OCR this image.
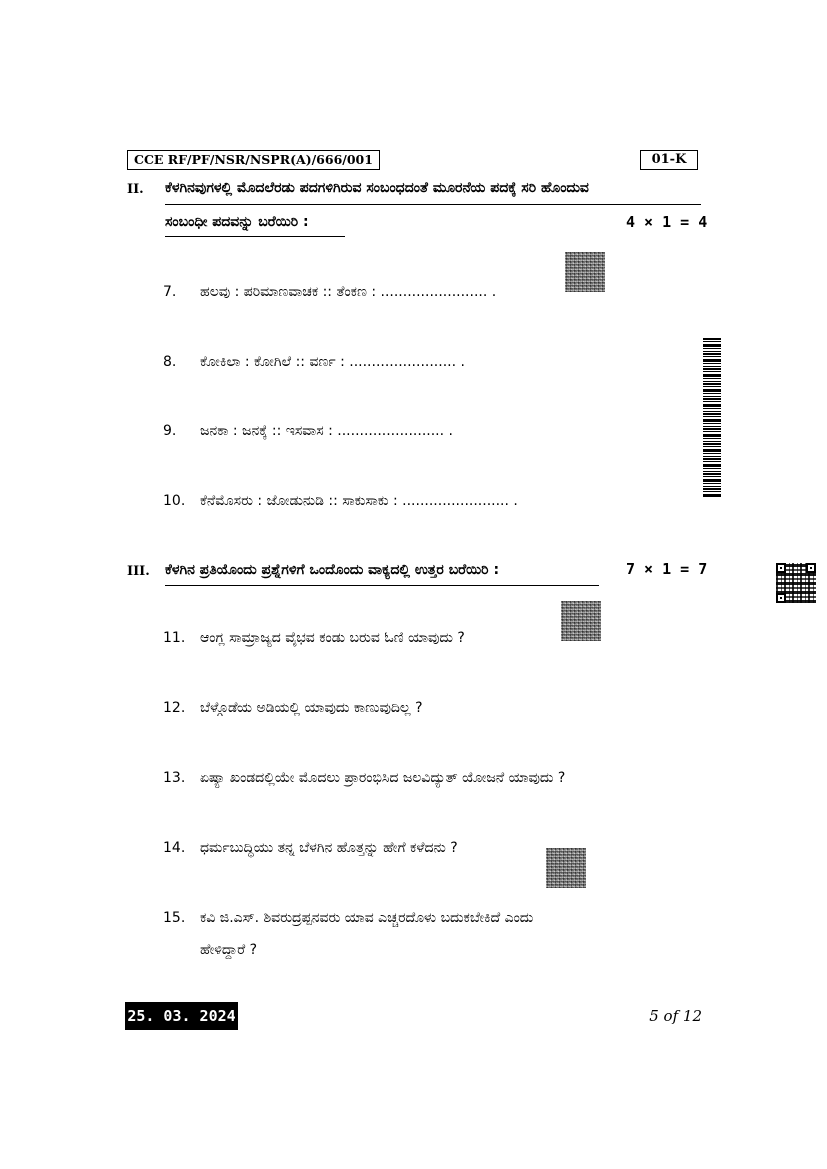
CCE RF/PF/NSR/NSPR(A)/666/001	01-K
II. ಕೆಳಗಿನವುಗಳಲ್ಲಿ ಮೊದಲೆರಡು ಪದಗಳಿಗಿರುವ ಸಂಬಂಧದಂತೆ ಮೂರನೆಯ ಪದಕ್ಕೆ ಸರಿ ಹೊಂದುವ
ಸಂಬಂಧೀ ಪದವನ್ನು ಬರೆಯಿರಿ :	4 × 1 = 4
7. ಹಲವು : ಪರಿಮಾಣವಾಚಕ :: ತೆಂಕಣ : ........................ .
8. ಕೋಕಿಲಾ : ಕೋಗಿಲೆ :: ವರ್ಣ : ........................ .
9. ಜನಕಾ : ಜನಕ್ಕೆ :: ಇಸವಾಸ : ........................ .
10. ಕೆನೆಮೊಸರು : ಜೋಡುನುಡಿ :: ಸಾಕುಸಾಕು : ........................ .
III. ಕೆಳಗಿನ ಪ್ರತಿಯೊಂದು ಪ್ರಶ್ನೆಗಳಿಗೆ ಒಂದೊಂದು ವಾಕ್ಯದಲ್ಲಿ ಉತ್ತರ ಬರೆಯಿರಿ :	7 × 1 = 7
11. ಆಂಗ್ಲ ಸಾಮ್ರಾಜ್ಯದ ವೈಭವ ಕಂಡು ಬರುವ ಓಣಿ ಯಾವುದು ?
12. ಬೆಳ್ಗೊಡೆಯ ಅಡಿಯಲ್ಲಿ ಯಾವುದು ಕಾಣುವುದಿಲ್ಲ ?
13. ಏಷ್ಯಾ ಖಂಡದಲ್ಲಿಯೇ ಮೊದಲು ಪ್ರಾರಂಭಿಸಿದ ಜಲವಿದ್ಯುತ್ ಯೋಜನೆ ಯಾವುದು ?
14. ಧರ್ಮಬುದ್ಧಿಯು ತನ್ನ ಬೆಳಗಿನ ಹೊತ್ತನ್ನು ಹೇಗೆ ಕಳೆದನು ?
15. ಕವಿ ಜಿ.ಎಸ್. ಶಿವರುದ್ರಪ್ಪನವರು ಯಾವ ಎಚ್ಚರದೊಳು ಬದುಕಬೇಕಿದೆ ಎಂದು
ಹೇಳಿದ್ದಾರೆ ?
25. 03. 2024	5 of 12
